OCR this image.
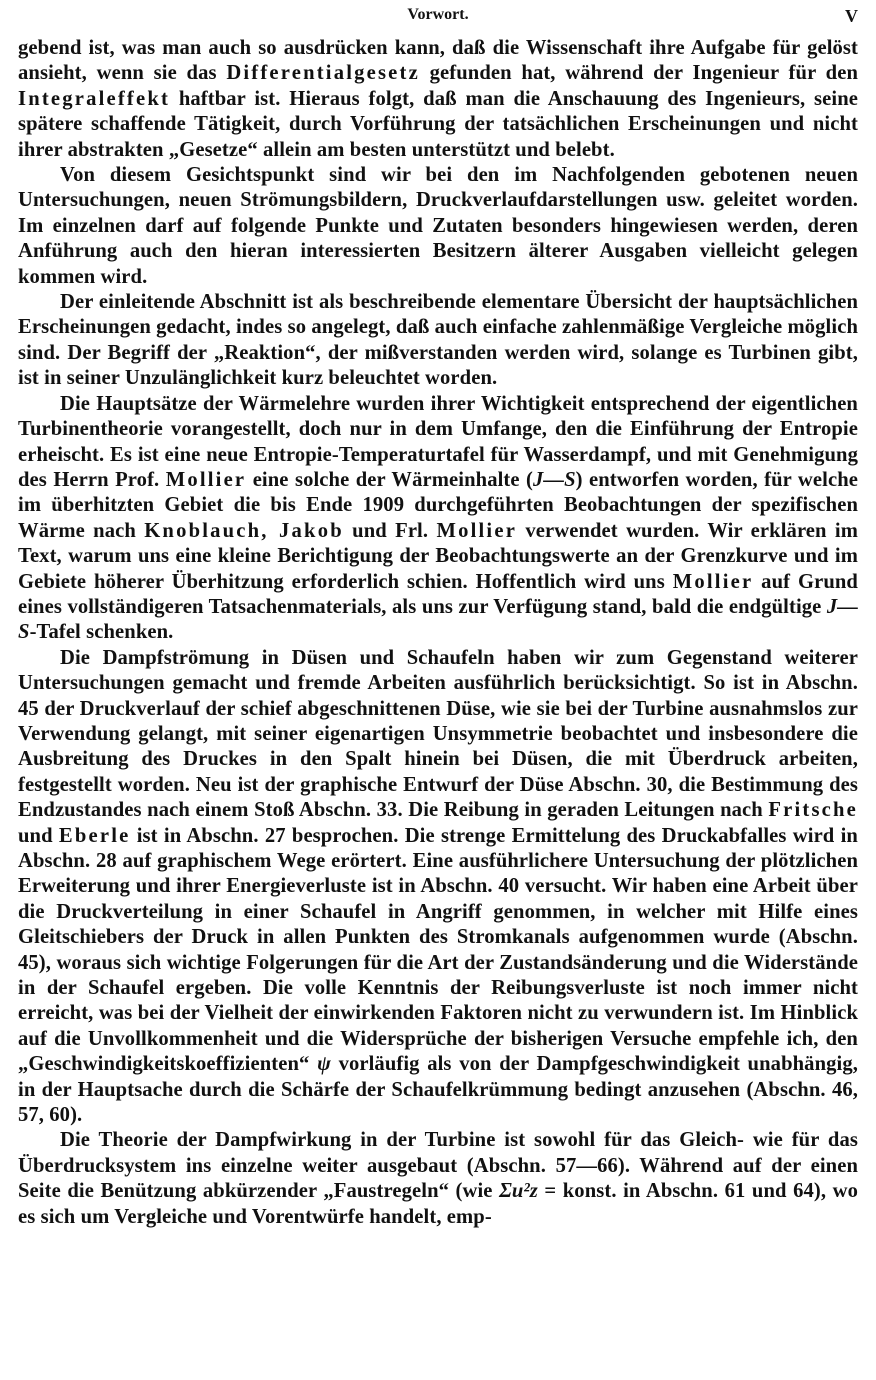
Vorwort.	V

gebend ist, was man auch so ausdrücken kann, daß die Wissenschaft ihre Aufgabe für gelöst ansieht, wenn sie das Differentialgesetz gefunden hat, während der Ingenieur für den Integraleffekt haftbar ist. Hieraus folgt, daß man die Anschauung des Ingenieurs, seine spätere schaffende Tätigkeit, durch Vorführung der tatsächlichen Erscheinungen und nicht ihrer abstrakten „Gesetze“ allein am besten unterstützt und belebt.

Von diesem Gesichtspunkt sind wir bei den im Nachfolgenden gebotenen neuen Untersuchungen, neuen Strömungsbildern, Druckverlaufdarstellungen usw. geleitet worden. Im einzelnen darf auf folgende Punkte und Zutaten besonders hingewiesen werden, deren Anführung auch den hieran interessierten Besitzern älterer Ausgaben vielleicht gelegen kommen wird.

Der einleitende Abschnitt ist als beschreibende elementare Übersicht der hauptsächlichen Erscheinungen gedacht, indes so angelegt, daß auch einfache zahlenmäßige Vergleiche möglich sind. Der Begriff der „Reaktion“, der mißverstanden werden wird, solange es Turbinen gibt, ist in seiner Unzulänglichkeit kurz beleuchtet worden.

Die Hauptsätze der Wärmelehre wurden ihrer Wichtigkeit entsprechend der eigentlichen Turbinentheorie vorangestellt, doch nur in dem Umfange, den die Einführung der Entropie erheischt. Es ist eine neue Entropie-Temperaturtafel für Wasserdampf, und mit Genehmigung des Herrn Prof. Mollier eine solche der Wärmeinhalte (J—S) entworfen worden, für welche im überhitzten Gebiet die bis Ende 1909 durchgeführten Beobachtungen der spezifischen Wärme nach Knoblauch, Jakob und Frl. Mollier verwendet wurden. Wir erklären im Text, warum uns eine kleine Berichtigung der Beobachtungswerte an der Grenzkurve und im Gebiete höherer Überhitzung erforderlich schien. Hoffentlich wird uns Mollier auf Grund eines vollständigeren Tatsachenmaterials, als uns zur Verfügung stand, bald die endgültige J—S-Tafel schenken.

Die Dampfströmung in Düsen und Schaufeln haben wir zum Gegenstand weiterer Untersuchungen gemacht und fremde Arbeiten ausführlich berücksichtigt. So ist in Abschn. 45 der Druckverlauf der schief abgeschnittenen Düse, wie sie bei der Turbine ausnahmslos zur Verwendung gelangt, mit seiner eigenartigen Unsymmetrie beobachtet und insbesondere die Ausbreitung des Druckes in den Spalt hinein bei Düsen, die mit Überdruck arbeiten, festgestellt worden. Neu ist der graphische Entwurf der Düse Abschn. 30, die Bestimmung des Endzustandes nach einem Stoß Abschn. 33. Die Reibung in geraden Leitungen nach Fritsche und Eberle ist in Abschn. 27 besprochen. Die strenge Ermittelung des Druckabfalles wird in Abschn. 28 auf graphischem Wege erörtert. Eine ausführlichere Untersuchung der plötzlichen Erweiterung und ihrer Energieverluste ist in Abschn. 40 versucht. Wir haben eine Arbeit über die Druckverteilung in einer Schaufel in Angriff genommen, in welcher mit Hilfe eines Gleitschiebers der Druck in allen Punkten des Stromkanals aufgenommen wurde (Abschn. 45), woraus sich wichtige Folgerungen für die Art der Zustandsänderung und die Widerstände in der Schaufel ergeben. Die volle Kenntnis der Reibungsverluste ist noch immer nicht erreicht, was bei der Vielheit der einwirkenden Faktoren nicht zu verwundern ist. Im Hinblick auf die Unvollkommenheit und die Widersprüche der bisherigen Versuche empfehle ich, den „Geschwindigkeitskoeffizienten“ ψ vorläufig als von der Dampfgeschwindigkeit unabhängig, in der Hauptsache durch die Schärfe der Schaufelkrümmung bedingt anzusehen (Abschn. 46, 57, 60).

Die Theorie der Dampfwirkung in der Turbine ist sowohl für das Gleich- wie für das Überdrucksystem ins einzelne weiter ausgebaut (Abschn. 57—66). Während auf der einen Seite die Benützung abkürzender „Faustregeln“ (wie Σu²z = konst. in Abschn. 61 und 64), wo es sich um Vergleiche und Vorentwürfe handelt, emp-
